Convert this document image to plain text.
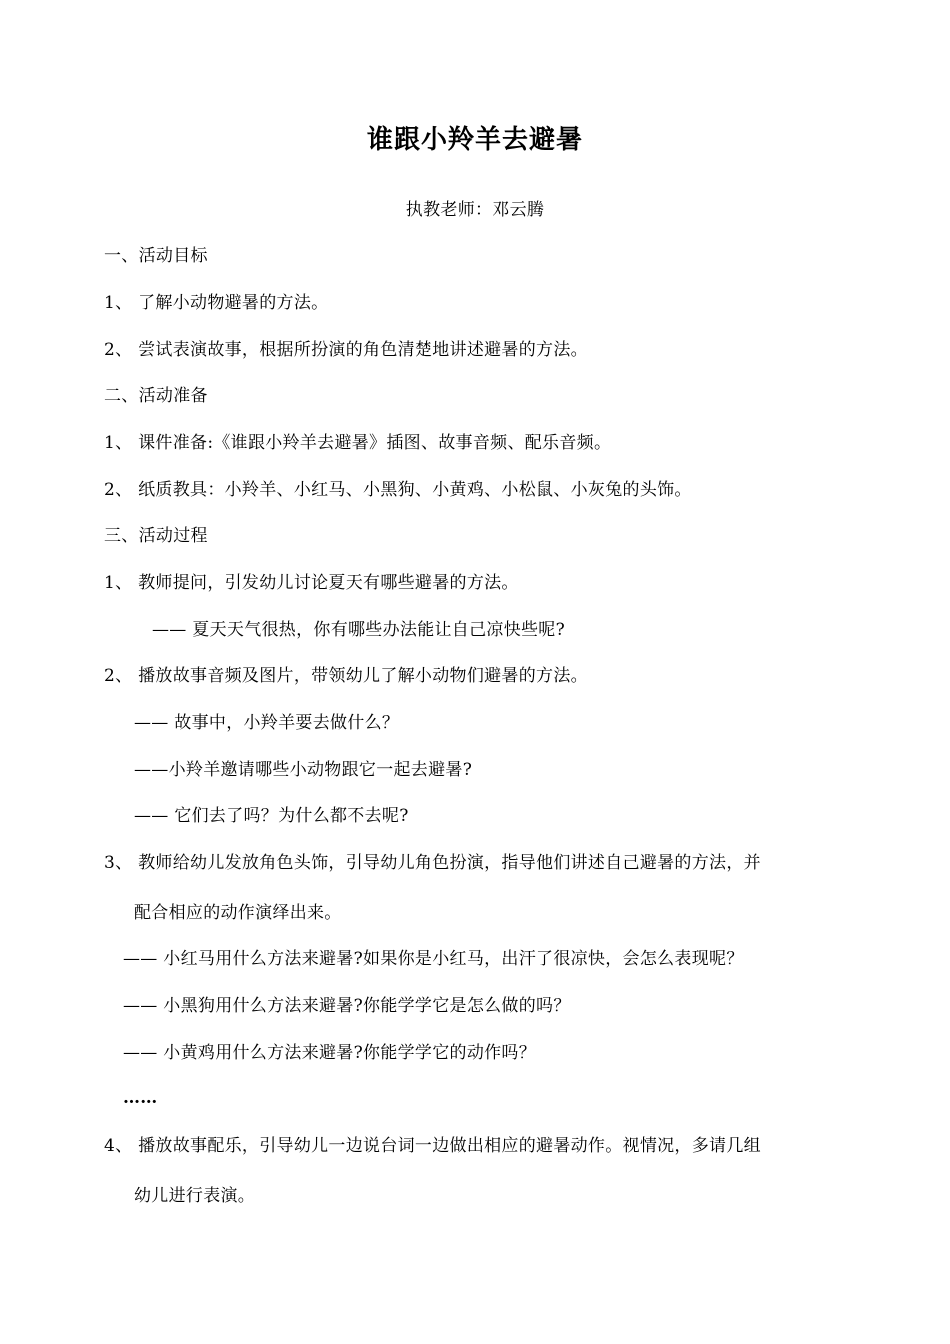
谁跟小羚羊去避暑
执教老师：邓云腾
一、活动目标
1、 了解小动物避暑的方法。
2、 尝试表演故事，根据所扮演的角色清楚地讲述避暑的方法。
二、活动准备
1、 课件准备:《谁跟小羚羊去避暑》插图、故事音频、配乐音频。
2、 纸质教具：小羚羊、小红马、小黑狗、小黄鸡、小松鼠、小灰兔的头饰。
三、活动过程
1、 教师提问，引发幼儿讨论夏天有哪些避暑的方法。
—— 夏天天气很热，你有哪些办法能让自己凉快些呢?
2、 播放故事音频及图片，带领幼儿了解小动物们避暑的方法。
—— 故事中，小羚羊要去做什么？
——小羚羊邀请哪些小动物跟它一起去避暑?
—— 它们去了吗？为什么都不去呢?
3、 教师给幼儿发放角色头饰，引导幼儿角色扮演，指导他们讲述自己避暑的方法，并
配合相应的动作演绎出来。
—— 小红马用什么方法来避暑?如果你是小红马，出汗了很凉快，会怎么表现呢？
—— 小黑狗用什么方法来避暑?你能学学它是怎么做的吗？
—— 小黄鸡用什么方法来避暑?你能学学它的动作吗？
……
4、 播放故事配乐，引导幼儿一边说台词一边做出相应的避暑动作。视情况，多请几组
幼儿进行表演。
